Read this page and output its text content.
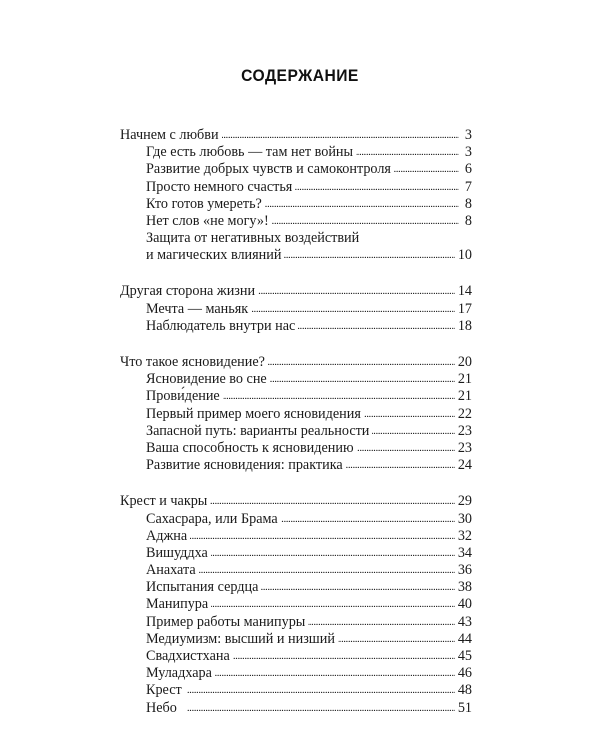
СОДЕРЖАНИЕ
Начнем с любви . . .	3
Где есть любовь — там нет войны . . .	3
Развитие добрых чувств и самоконтроля . . .	6
Просто немного счастья . . .	7
Кто готов умереть? . . .	8
Нет слов «не могу»! . . .	8
Защита от негативных воздействий
и магических влияний . . .	10
Другая сторона жизни . . .	14
Мечта — маньяк . . .	17
Наблюдатель внутри нас . . .	18
Что такое ясновидение? . . .	20
Ясновидение во сне . . .	21
Прови́дение . . .	21
Первый пример моего ясновидения . . .	22
Запасной путь: варианты реальности . . .	23
Ваша способность к ясновидению . . .	23
Развитие ясновидения: практика . . .	24
Крест и чакры . . .	29
Сахасрара, или Брама . . .	30
Аджна . . .	32
Вишуддха . . .	34
Анахата . . .	36
Испытания сердца . . .	38
Манипура . . .	40
Пример работы манипуры . . .	43
Медиумизм: высший и низший . . .	44
Свадхистхана . . .	45
Муладхара . . .	46
Крест . . .	48
Небо . . .	51
